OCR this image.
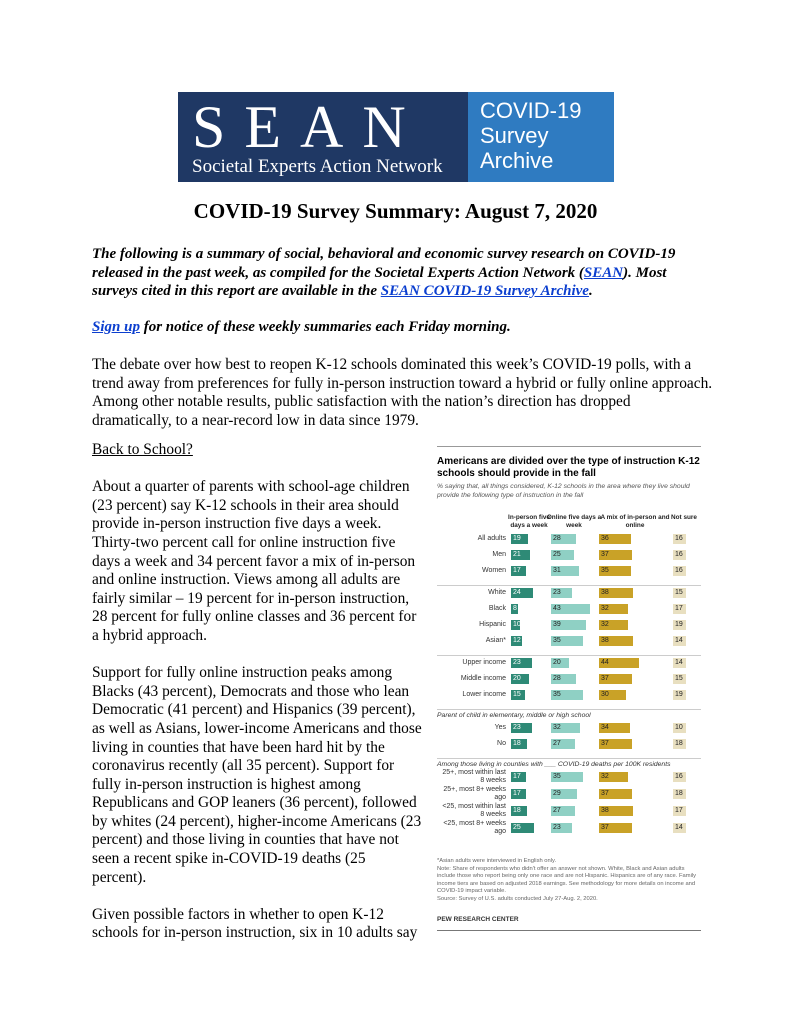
SEAN
Societal Experts Action Network
COVID-19
Survey
Archive
COVID-19 Survey Summary: August 7, 2020
The following is a summary of social, behavioral and economic survey research on COVID-19 released in the past week, as compiled for the Societal Experts Action Network (SEAN). Most surveys cited in this report are available in the SEAN COVID-19 Survey Archive.
Sign up for notice of these weekly summaries each Friday morning.
The debate over how best to reopen K-12 schools dominated this week’s COVID-19 polls, with a trend away from preferences for fully in-person instruction toward a hybrid or fully online approach. Among other notable results, public satisfaction with the nation’s direction has dropped dramatically, to a near-record low in data since 1979.

Back to School?

About a quarter of parents with school-age children (23 percent) say K-12 schools in their area should provide in-person instruction five days a week. Thirty-two percent call for online instruction five days a week and 34 percent favor a mix of in-person and online instruction. Views among all adults are fairly similar – 19 percent for in-person instruction, 28 percent for fully online classes and 36 percent for a hybrid approach.

Support for fully online instruction peaks among Blacks (43 percent), Democrats and those who lean Democratic (41 percent) and Hispanics (39 percent), as well as Asians, lower-income Americans and those living in counties that have been hard hit by the coronavirus recently (all 35 percent). Support for fully in-person instruction is highest among Republicans and GOP leaners (36 percent), followed by whites (24 percent), higher-income Americans (23 percent) and those living in counties that have not seen a recent spike in-COVID-19 deaths (25 percent).

Given possible factors in whether to open K-12 schools for in-person instruction, six in 10 adults say

Americans are divided over the type of instruction K-12 schools should provide in the fall
% saying that, all things considered, K-12 schools in the area where they live should provide the following type of instruction in the fall
*Asian adults were interviewed in English only.
Note: Share of respondents who didn't offer an answer not shown. White, Black and Asian adults include those who report being only one race and are not Hispanic. Hispanics are of any race. Family income tiers are based on adjusted 2018 earnings. See methodology for more details on income and COVID-19 impact variable.
Source: Survey of U.S. adults conducted July 27-Aug. 2, 2020.
PEW RESEARCH CENTER
In-person five days a week
Online five days a week
A mix of in-person and online
Not sure
All adults 19	28	36	16
Men 21	25	37	16
Women 17	31	35	16
White 24	23	38	15
Black 8	43	32	17
Hispanic 10	39	32	19
Asian* 12	35	38	14
Upper income 23	20	44	14
Middle income 20	28	37	15
Lower income 15	35	30	19
Parent of child in elementary, middle or high school
Yes 23	32	34	10
No 18	27	37	18
Among those living in counties with ___ COVID-19 deaths per 100K residents
25+, most within last 8 weeks
17	35	32	16
25+, most 8+ weeks ago
17	29	37	18
<25, most within last 8 weeks
18	27	38	17
<25, most 8+ weeks ago
25	23	37	14
